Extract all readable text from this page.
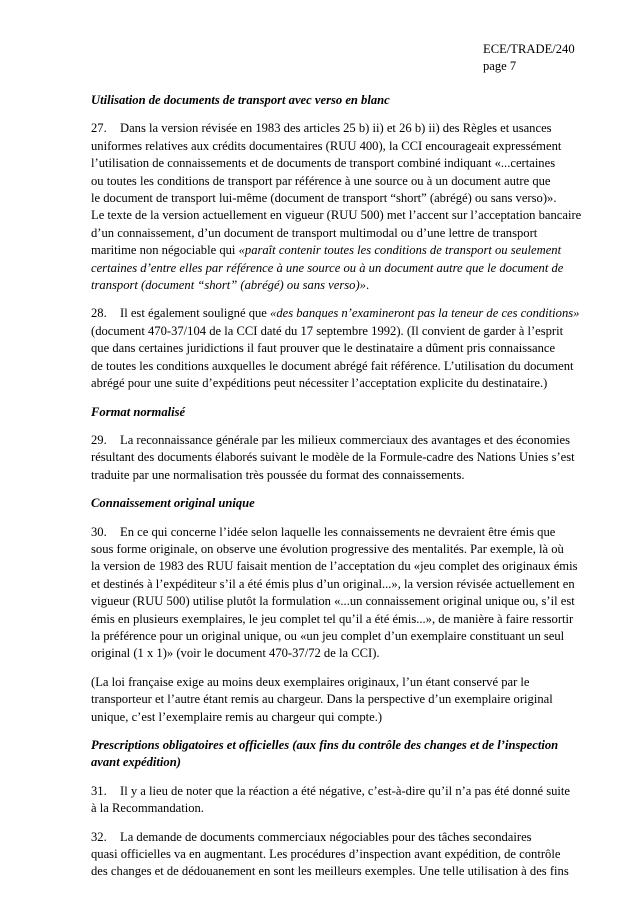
ECE/TRADE/240
page 7
Utilisation de documents de transport avec verso en blanc
27. Dans la version révisée en 1983 des articles 25 b) ii) et 26 b) ii) des Règles et usances
uniformes relatives aux crédits documentaires (RUU 400), la CCI encourageait expressément
l’utilisation de connaissements et de documents de transport combiné indiquant «...certaines
ou toutes les conditions de transport par référence à une source ou à un document autre que
le document de transport lui-même (document de transport “short” (abrégé) ou sans verso)».
Le texte de la version actuellement en vigueur (RUU 500) met l’accent sur l’acceptation bancaire
d’un connaissement, d’un document de transport multimodal ou d’une lettre de transport
maritime non négociable qui «paraît contenir toutes les conditions de transport ou seulement
certaines d’entre elles par référence à une source ou à un document autre que le document de
transport (document “short” (abrégé) ou sans verso)».
28. Il est également souligné que «des banques n’examineront pas la teneur de ces conditions»
(document 470-37/104 de la CCI daté du 17 septembre 1992). (Il convient de garder à l’esprit
que dans certaines juridictions il faut prouver que le destinataire a dûment pris connaissance
de toutes les conditions auxquelles le document abrégé fait référence. L’utilisation du document
abrégé pour une suite d’expéditions peut nécessiter l’acceptation explicite du destinataire.)
Format normalisé
29. La reconnaissance générale par les milieux commerciaux des avantages et des économies
résultant des documents élaborés suivant le modèle de la Formule-cadre des Nations Unies s’est
traduite par une normalisation très poussée du format des connaissements.
Connaissement original unique
30. En ce qui concerne l’idée selon laquelle les connaissements ne devraient être émis que
sous forme originale, on observe une évolution progressive des mentalités. Par exemple, là où
la version de 1983 des RUU faisait mention de l’acceptation du «jeu complet des originaux émis
et destinés à l’expéditeur s’il a été émis plus d’un original...», la version révisée actuellement en
vigueur (RUU 500) utilise plutôt la formulation «...un connaissement original unique ou, s’il est
émis en plusieurs exemplaires, le jeu complet tel qu’il a été émis...», de manière à faire ressortir
la préférence pour un original unique, ou «un jeu complet d’un exemplaire constituant un seul
original (1 x 1)» (voir le document 470-37/72 de la CCI).
(La loi française exige au moins deux exemplaires originaux, l’un étant conservé par le
transporteur et l’autre étant remis au chargeur. Dans la perspective d’un exemplaire original
unique, c’est l’exemplaire remis au chargeur qui compte.)
Prescriptions obligatoires et officielles (aux fins du contrôle des changes et de l’inspection
avant expédition)
31. Il y a lieu de noter que la réaction a été négative, c’est-à-dire qu’il n’a pas été donné suite
à la Recommandation.
32. La demande de documents commerciaux négociables pour des tâches secondaires
quasi officielles va en augmentant. Les procédures d’inspection avant expédition, de contrôle
des changes et de dédouanement en sont les meilleurs exemples. Une telle utilisation à des fins
